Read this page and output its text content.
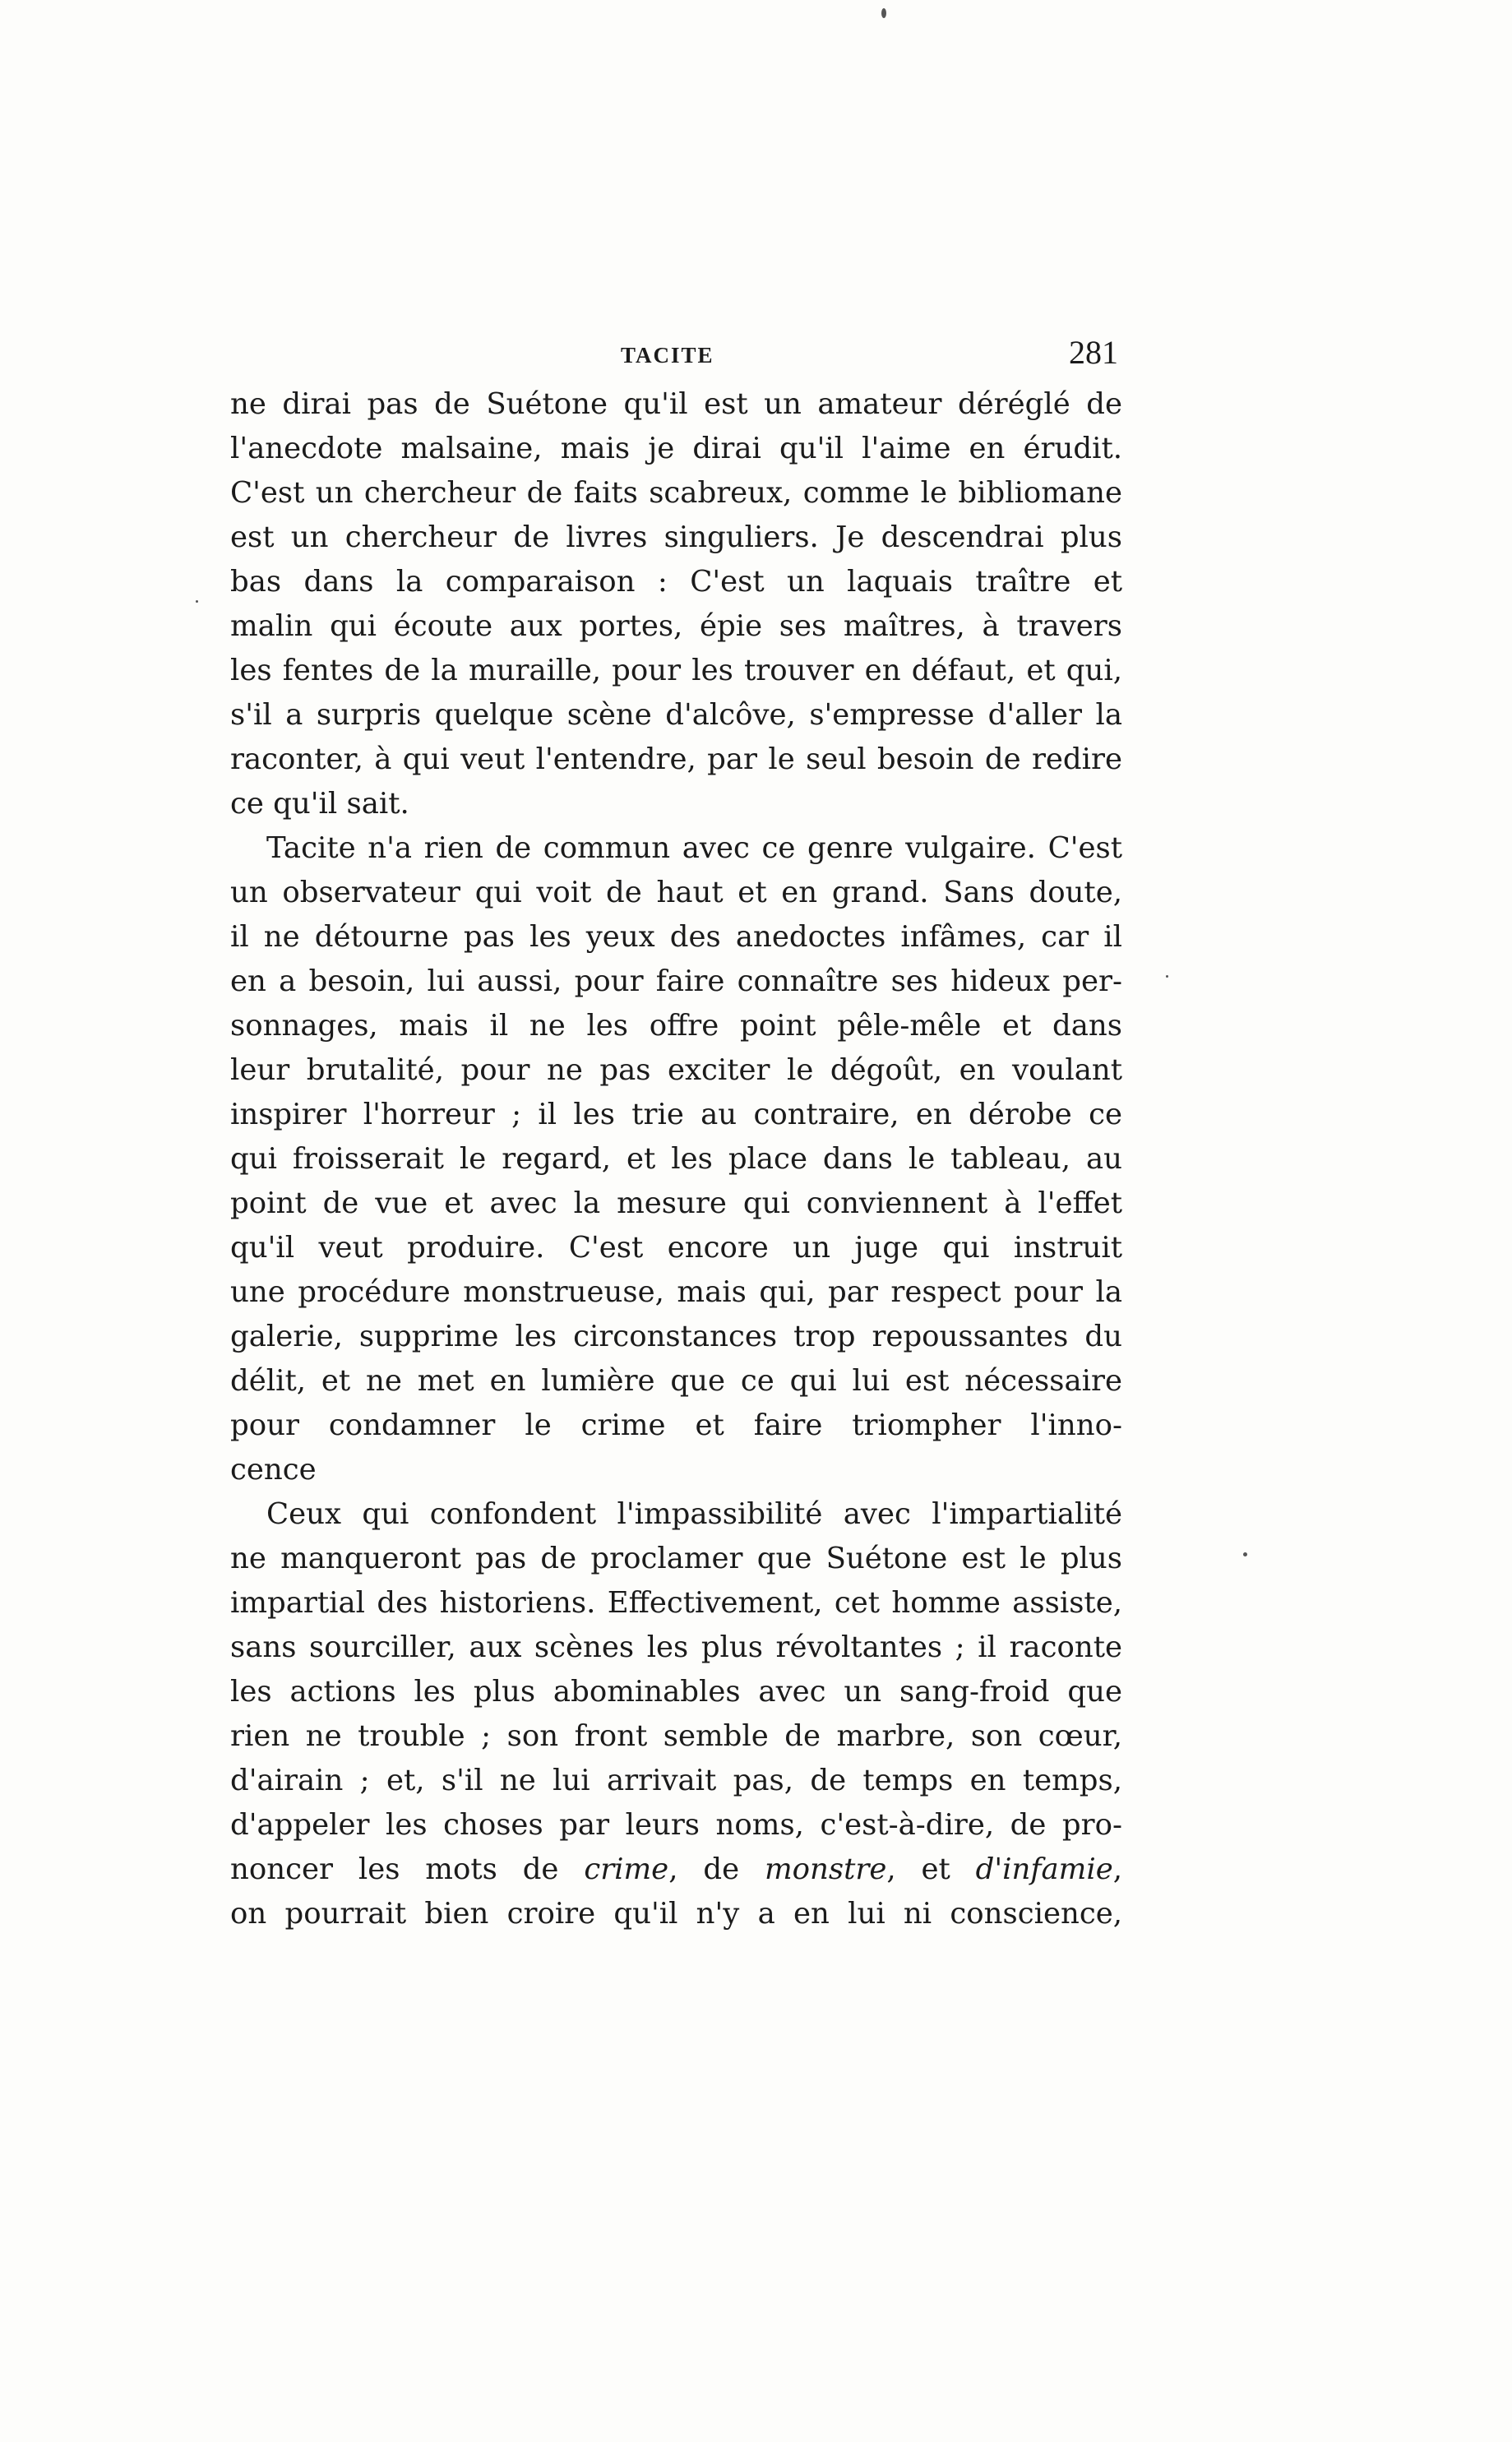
TACITE	281
ne dirai pas de Suétone qu'il est un amateur déréglé de
l'anecdote malsaine, mais je dirai qu'il l'aime en érudit.
C'est un chercheur de faits scabreux, comme le bibliomane
est un chercheur de livres singuliers. Je descendrai plus
bas dans la comparaison : C'est un laquais traître et
malin qui écoute aux portes, épie ses maîtres, à travers
les fentes de la muraille, pour les trouver en défaut, et qui,
s'il a surpris quelque scène d'alcôve, s'empresse d'aller la
raconter, à qui veut l'entendre, par le seul besoin de redire
ce qu'il sait.
Tacite n'a rien de commun avec ce genre vulgaire. C'est
un observateur qui voit de haut et en grand. Sans doute,
il ne détourne pas les yeux des anedoctes infâmes, car il
en a besoin, lui aussi, pour faire connaître ses hideux per-
sonnages, mais il ne les offre point pêle-mêle et dans
leur brutalité, pour ne pas exciter le dégoût, en voulant
inspirer l'horreur ; il les trie au contraire, en dérobe ce
qui froisserait le regard, et les place dans le tableau, au
point de vue et avec la mesure qui conviennent à l'effet
qu'il veut produire. C'est encore un juge qui instruit
une procédure monstrueuse, mais qui, par respect pour la
galerie, supprime les circonstances trop repoussantes du
délit, et ne met en lumière que ce qui lui est nécessaire
pour condamner le crime et faire triompher l'inno-
cence
Ceux qui confondent l'impassibilité avec l'impartialité
ne manqueront pas de proclamer que Suétone est le plus
impartial des historiens. Effectivement, cet homme assiste,
sans sourciller, aux scènes les plus révoltantes ; il raconte
les actions les plus abominables avec un sang-froid que
rien ne trouble ; son front semble de marbre, son cœur,
d'airain ; et, s'il ne lui arrivait pas, de temps en temps,
d'appeler les choses par leurs noms, c'est-à-dire, de pro-
noncer les mots de crime, de monstre, et d'infamie,
on pourrait bien croire qu'il n'y a en lui ni conscience,
